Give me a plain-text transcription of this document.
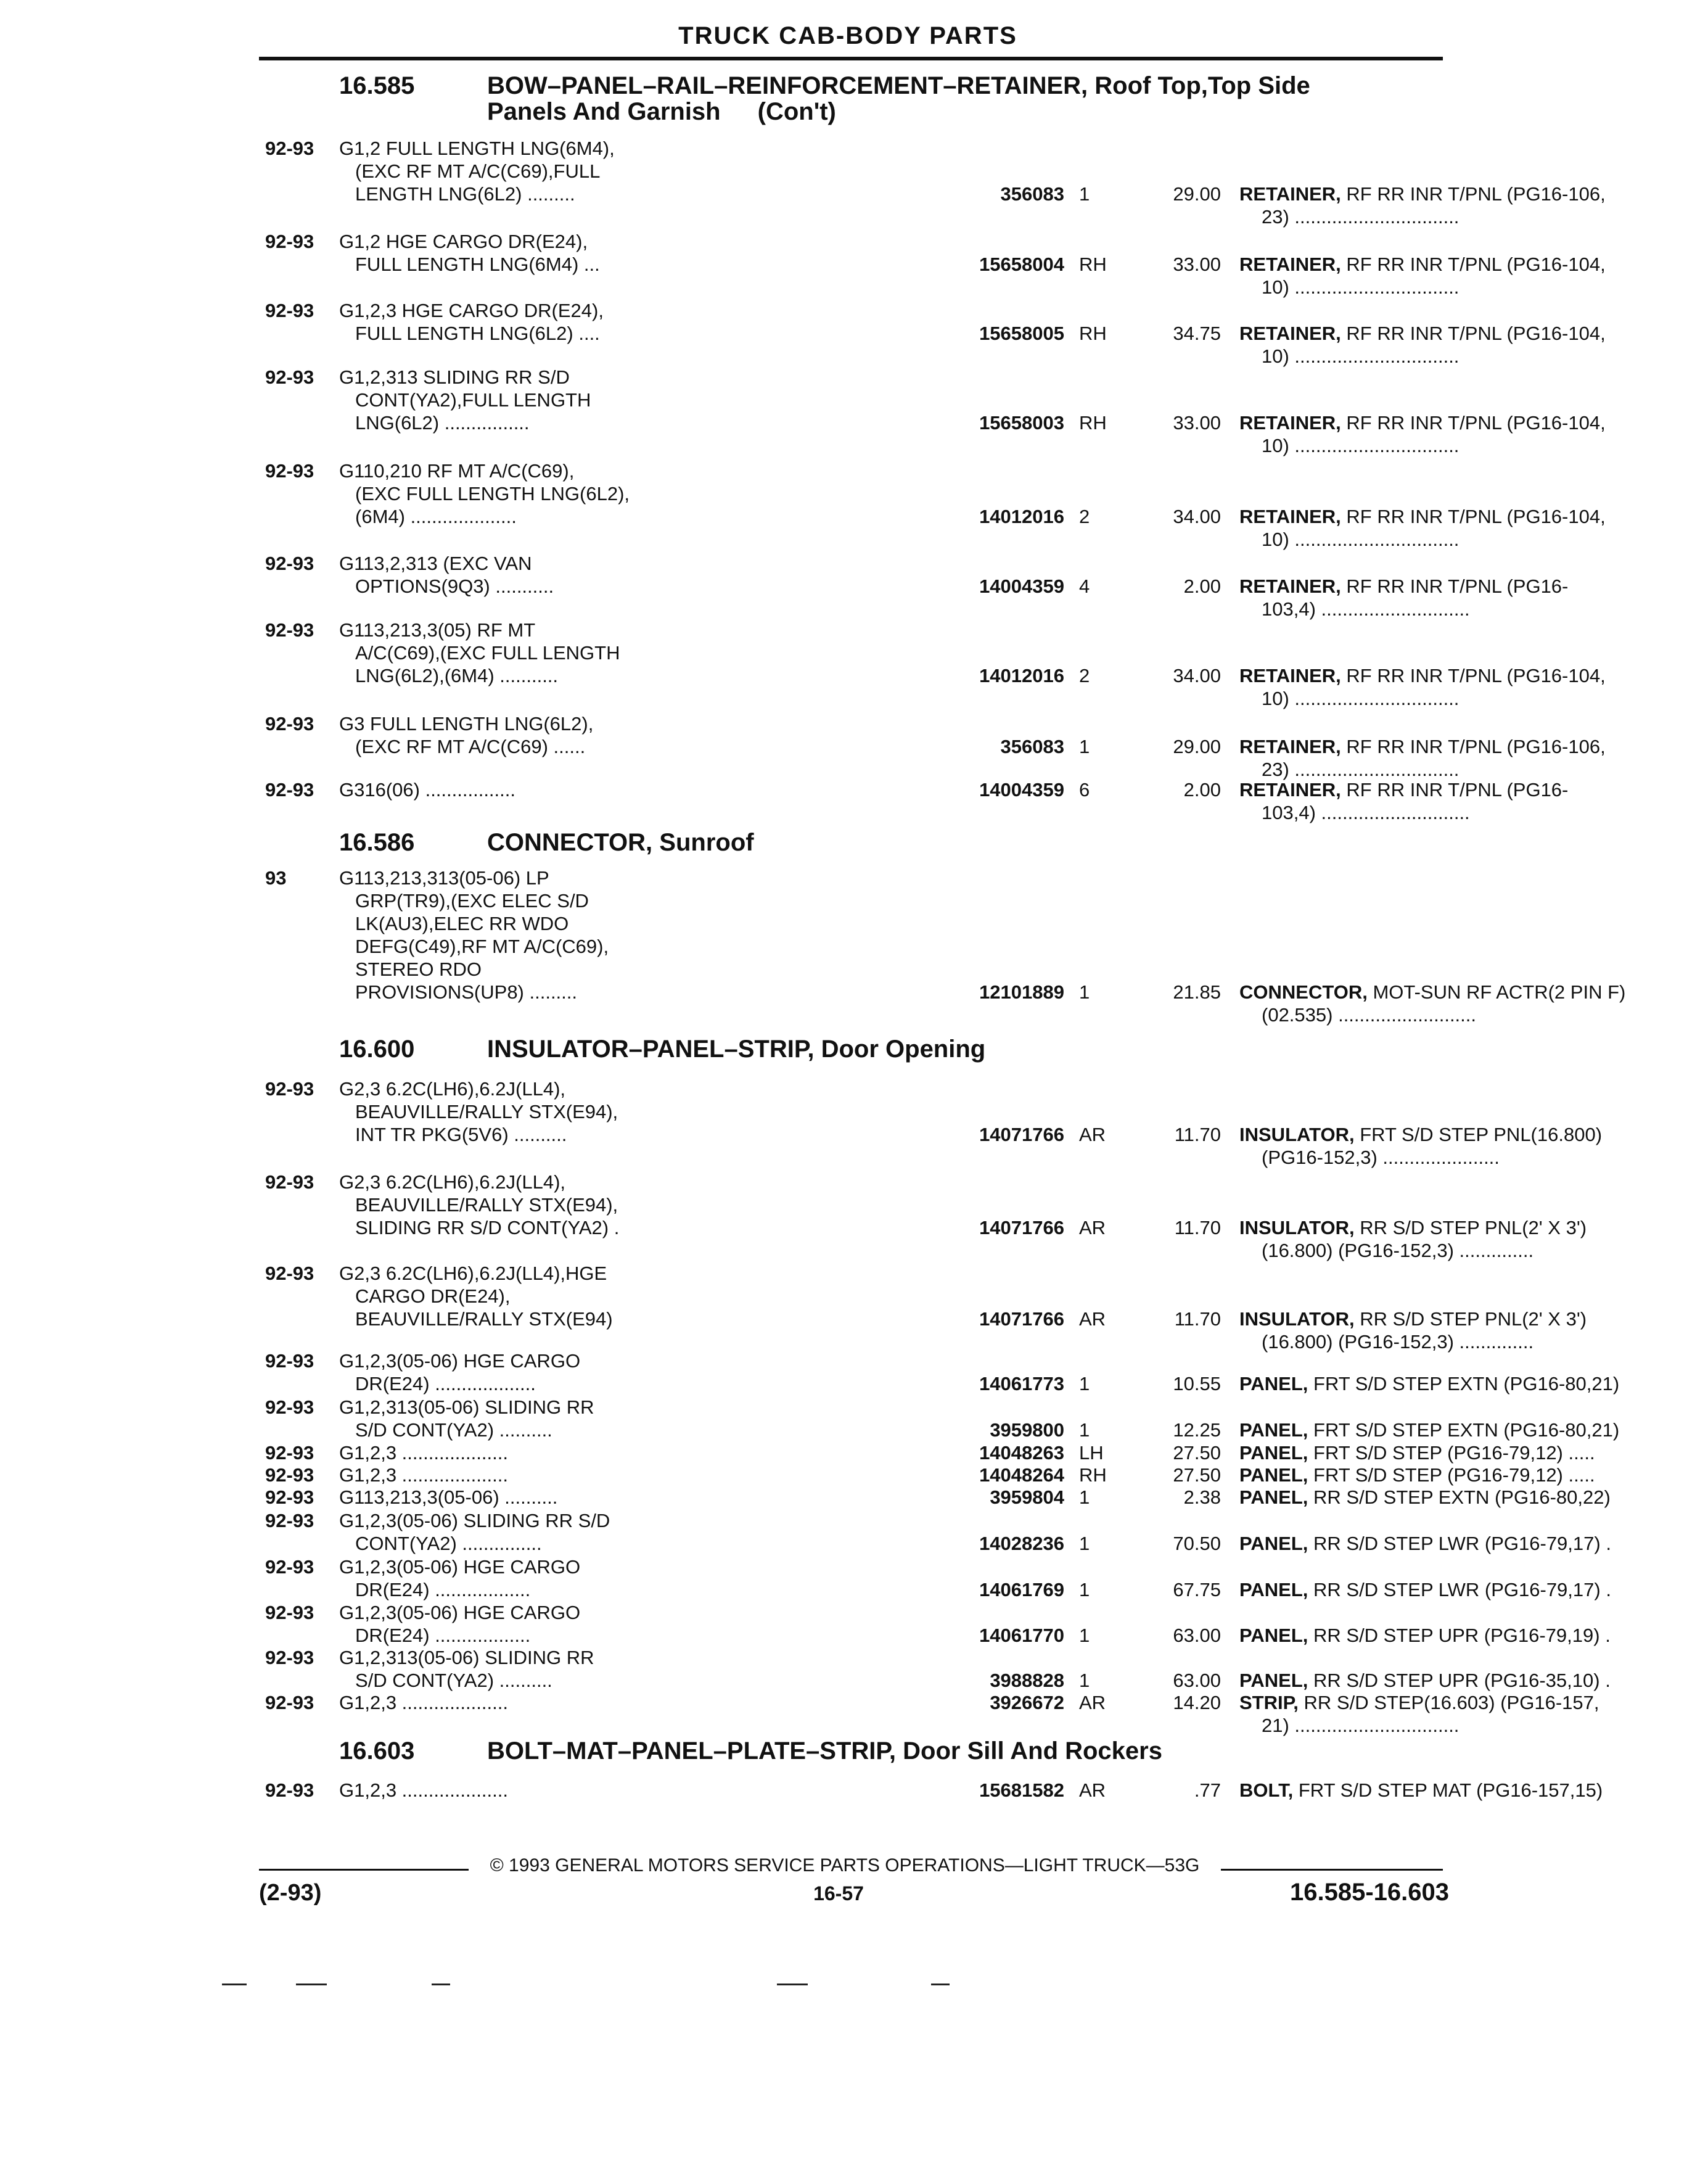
TRUCK CAB-BODY PARTS
16.585	BOW–PANEL–RAIL–REINFORCEMENT–RETAINER, Roof Top,Top Side
Panels And Garnish (Con't)
16.586	CONNECTOR, Sunroof
16.600	INSULATOR–PANEL–STRIP, Door Opening
16.603	BOLT–MAT–PANEL–PLATE–STRIP, Door Sill And Rockers
92-93 G1,2 FULL LENGTH LNG(6M4),
(EXC RF MT A/C(C69),FULL
LENGTH LNG(6L2) .........	356083 1	29.00 RETAINER, RF RR INR T/PNL (PG16-106,
23) ...............................
92-93 G1,2 HGE CARGO DR(E24),
FULL LENGTH LNG(6M4) ...	15658004 RH	33.00 RETAINER, RF RR INR T/PNL (PG16-104,
10) ...............................
92-93 G1,2,3 HGE CARGO DR(E24),
FULL LENGTH LNG(6L2) ....	15658005 RH	34.75 RETAINER, RF RR INR T/PNL (PG16-104,
10) ...............................
92-93 G1,2,313 SLIDING RR S/D
CONT(YA2),FULL LENGTH
LNG(6L2) ................	15658003 RH	33.00 RETAINER, RF RR INR T/PNL (PG16-104,
10) ...............................
92-93 G110,210 RF MT A/C(C69),
(EXC FULL LENGTH LNG(6L2),
(6M4) ....................	14012016 2	34.00 RETAINER, RF RR INR T/PNL (PG16-104,
10) ...............................
92-93 G113,2,313 (EXC VAN
OPTIONS(9Q3) ...........	14004359 4	2.00 RETAINER, RF RR INR T/PNL (PG16-
103,4) ............................
92-93 G113,213,3(05) RF MT
A/C(C69),(EXC FULL LENGTH
LNG(6L2),(6M4) ...........	14012016 2	34.00 RETAINER, RF RR INR T/PNL (PG16-104,
10) ...............................
92-93 G3 FULL LENGTH LNG(6L2),
(EXC RF MT A/C(C69) ......	356083 1	29.00 RETAINER, RF RR INR T/PNL (PG16-106,
23) ...............................
92-93 G316(06) .................	14004359 6	2.00 RETAINER, RF RR INR T/PNL (PG16-
103,4) ............................
93	G113,213,313(05-06) LP
GRP(TR9),(EXC ELEC S/D
LK(AU3),ELEC RR WDO
DEFG(C49),RF MT A/C(C69),
STEREO RDO
PROVISIONS(UP8) .........	12101889 1	21.85 CONNECTOR, MOT-SUN RF ACTR(2 PIN F)
(02.535) ..........................
92-93 G2,3 6.2C(LH6),6.2J(LL4),
BEAUVILLE/RALLY STX(E94),
INT TR PKG(5V6) ..........	14071766 AR	11.70 INSULATOR, FRT S/D STEP PNL(16.800)
(PG16-152,3) ......................
92-93 G2,3 6.2C(LH6),6.2J(LL4),
BEAUVILLE/RALLY STX(E94),
SLIDING RR S/D CONT(YA2) .	14071766 AR	11.70 INSULATOR, RR S/D STEP PNL(2' X 3')
(16.800) (PG16-152,3) ..............
92-93 G2,3 6.2C(LH6),6.2J(LL4),HGE
CARGO DR(E24),
BEAUVILLE/RALLY STX(E94)	14071766 AR	11.70 INSULATOR, RR S/D STEP PNL(2' X 3')
(16.800) (PG16-152,3) ..............
92-93 G1,2,3(05-06) HGE CARGO
DR(E24) ...................	14061773 1	10.55 PANEL, FRT S/D STEP EXTN (PG16-80,21)
92-93 G1,2,313(05-06) SLIDING RR
S/D CONT(YA2) ..........	3959800 1	12.25 PANEL, FRT S/D STEP EXTN (PG16-80,21)
92-93 G1,2,3 ....................	14048263 LH	27.50 PANEL, FRT S/D STEP (PG16-79,12) .....
92-93 G1,2,3 ....................	14048264 RH	27.50 PANEL, FRT S/D STEP (PG16-79,12) .....
92-93 G113,213,3(05-06) ..........	3959804 1	2.38 PANEL, RR S/D STEP EXTN (PG16-80,22)
92-93 G1,2,3(05-06) SLIDING RR S/D
CONT(YA2) ...............	14028236 1	70.50 PANEL, RR S/D STEP LWR (PG16-79,17) .
92-93 G1,2,3(05-06) HGE CARGO
DR(E24) ..................	14061769 1	67.75 PANEL, RR S/D STEP LWR (PG16-79,17) .
92-93 G1,2,3(05-06) HGE CARGO
DR(E24) ..................	14061770 1	63.00 PANEL, RR S/D STEP UPR (PG16-79,19) .
92-93 G1,2,313(05-06) SLIDING RR
S/D CONT(YA2) ..........	3988828 1	63.00 PANEL, RR S/D STEP UPR (PG16-35,10) .
92-93 G1,2,3 ....................	3926672 AR	14.20 STRIP, RR S/D STEP(16.603) (PG16-157,
21) ...............................
92-93 G1,2,3 ....................	15681582 AR	.77 BOLT, FRT S/D STEP MAT (PG16-157,15)
© 1993 GENERAL MOTORS SERVICE PARTS OPERATIONS—LIGHT TRUCK—53G
(2-93)	16-57	16.585-16.603
